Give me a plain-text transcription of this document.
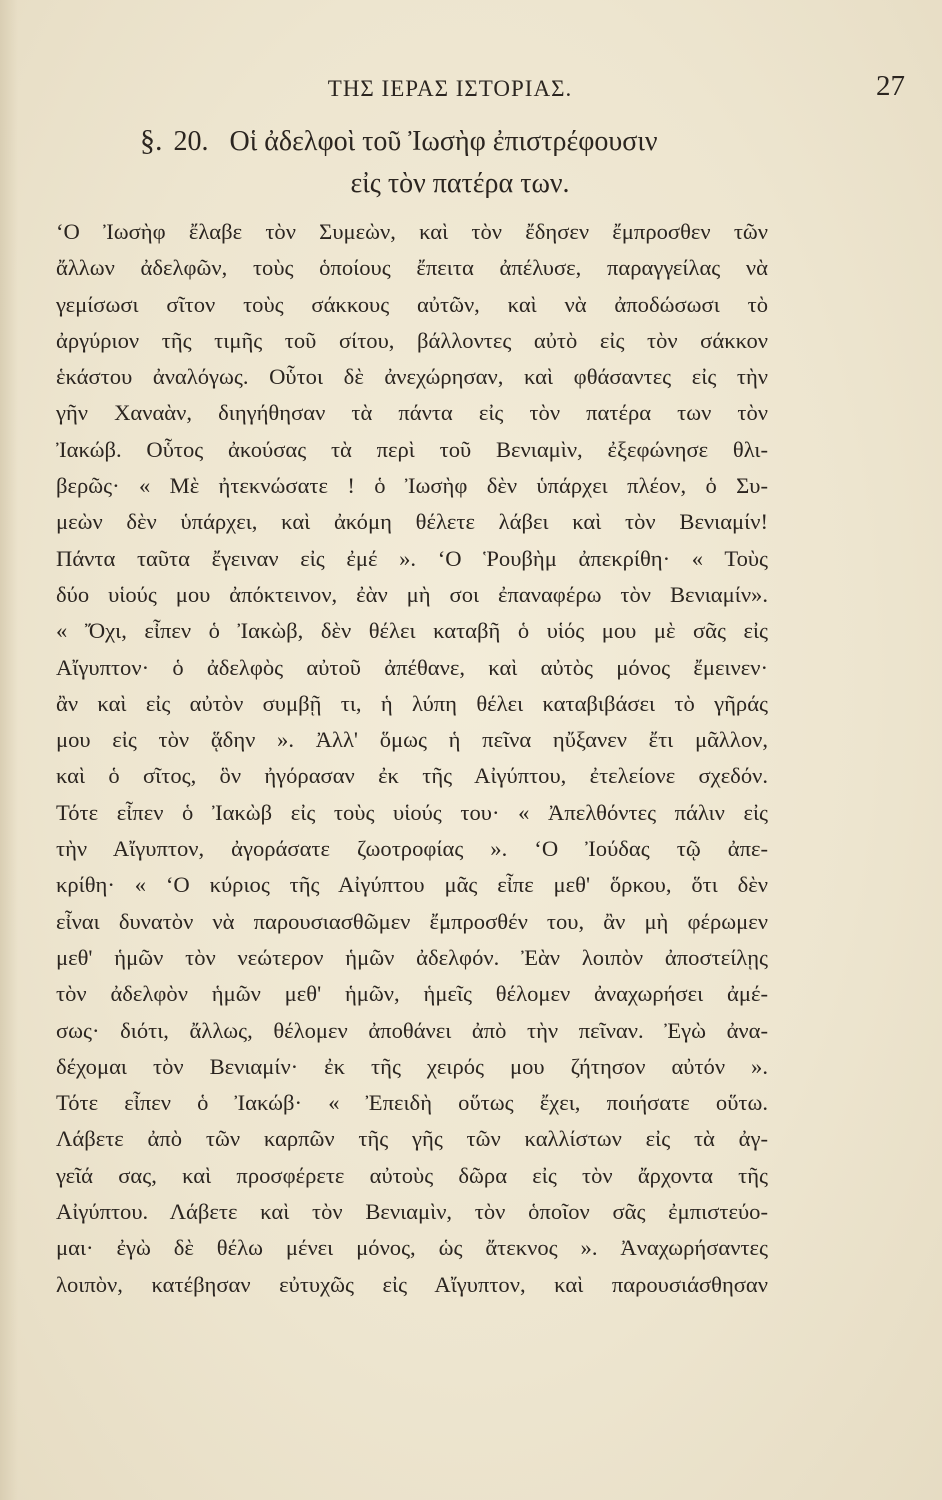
ΤΗΣ ΙΕΡΑΣ ΙΣΤΟΡΙΑΣ.	27
§. 20. Οἱ ἀδελφοὶ τοῦ Ἰωσὴφ ἐπιστρέφουσιν
εἰς τὸν πατέρα των.
‘Ο Ἰωσὴφ ἔλαβε τὸν Συμεὼν, καὶ τὸν ἔδησεν ἔμπροσθεν τῶν
ἄλλων ἀδελφῶν, τοὺς ὁποίους ἔπειτα ἀπέλυσε, παραγγείλας νὰ
γεμίσωσι σῖτον τοὺς σάκκους αὐτῶν, καὶ νὰ ἀποδώσωσι τὸ
ἀργύριον τῆς τιμῆς τοῦ σίτου, βάλλοντες αὐτὸ εἰς τὸν σάκκον
ἑκάστου ἀναλόγως. Οὗτοι δὲ ἀνεχώρησαν, καὶ φθάσαντες εἰς τὴν
γῆν Χαναὰν, διηγήθησαν τὰ πάντα εἰς τὸν πατέρα των τὸν
Ἰακώβ. Οὗτος ἀκούσας τὰ περὶ τοῦ Βενιαμὶν, ἐξεφώνησε θλι-
βερῶς· « Μὲ ἠτεκνώσατε ! ὁ Ἰωσὴφ δὲν ὑπάρχει πλέον, ὁ Συ-
μεὼν δὲν ὑπάρχει, καὶ ἀκόμη θέλετε λάβει καὶ τὸν Βενιαμίν!
Πάντα ταῦτα ἔγειναν εἰς ἐμέ ». ‘Ο Ῥουβὴμ ἀπεκρίθη· « Τοὺς
δύο υἱούς μου ἀπόκτεινον, ἐὰν μὴ σοι ἐπαναφέρω τὸν Βενιαμίν».
« Ὄχι, εἶπεν ὁ Ἰακὼβ, δὲν θέλει καταβῆ ὁ υἱός μου μὲ σᾶς εἰς
Αἴγυπτον· ὁ ἀδελφὸς αὐτοῦ ἀπέθανε, καὶ αὐτὸς μόνος ἔμεινεν·
ἂν καὶ εἰς αὐτὸν συμβῇ τι, ἡ λύπη θέλει καταβιβάσει τὸ γῆράς
μου εἰς τὸν ᾅδην ». Ἀλλ' ὅμως ἡ πεῖνα ηὔξανεν ἔτι μᾶλλον,
καὶ ὁ σῖτος, ὃν ἠγόρασαν ἐκ τῆς Αἰγύπτου, ἐτελείονε σχεδόν.
Τότε εἶπεν ὁ Ἰακὼβ εἰς τοὺς υἱούς του· « Ἀπελθόντες πάλιν εἰς
τὴν Αἴγυπτον, ἀγοράσατε ζωοτροφίας ». ‘Ο Ἰούδας τῷ ἀπε-
κρίθη· « ‘Ο κύριος τῆς Αἰγύπτου μᾶς εἶπε μεθ' ὅρκου, ὅτι δὲν
εἶναι δυνατὸν νὰ παρουσιασθῶμεν ἔμπροσθέν του, ἂν μὴ φέρωμεν
μεθ' ἡμῶν τὸν νεώτερον ἡμῶν ἀδελφόν. Ἐὰν λοιπὸν ἀποστείλῃς
τὸν ἀδελφὸν ἡμῶν μεθ' ἡμῶν, ἡμεῖς θέλομεν ἀναχωρήσει ἀμέ-
σως· διότι, ἄλλως, θέλομεν ἀποθάνει ἀπὸ τὴν πεῖναν. Ἐγὼ ἀνα-
δέχομαι τὸν Βενιαμίν· ἐκ τῆς χειρός μου ζήτησον αὐτόν ».
Τότε εἶπεν ὁ Ἰακώβ· « Ἐπειδὴ οὕτως ἔχει, ποιήσατε οὕτω.
Λάβετε ἀπὸ τῶν καρπῶν τῆς γῆς τῶν καλλίστων εἰς τὰ ἀγ-
γεῖά σας, καὶ προσφέρετε αὐτοὺς δῶρα εἰς τὸν ἄρχοντα τῆς
Αἰγύπτου. Λάβετε καὶ τὸν Βενιαμὶν, τὸν ὁποῖον σᾶς ἐμπιστεύο-
μαι· ἐγὼ δὲ θέλω μένει μόνος, ὡς ἄτεκνος ». Ἀναχωρήσαντες
λοιπὸν, κατέβησαν εὐτυχῶς εἰς Αἴγυπτον, καὶ παρουσιάσθησαν
